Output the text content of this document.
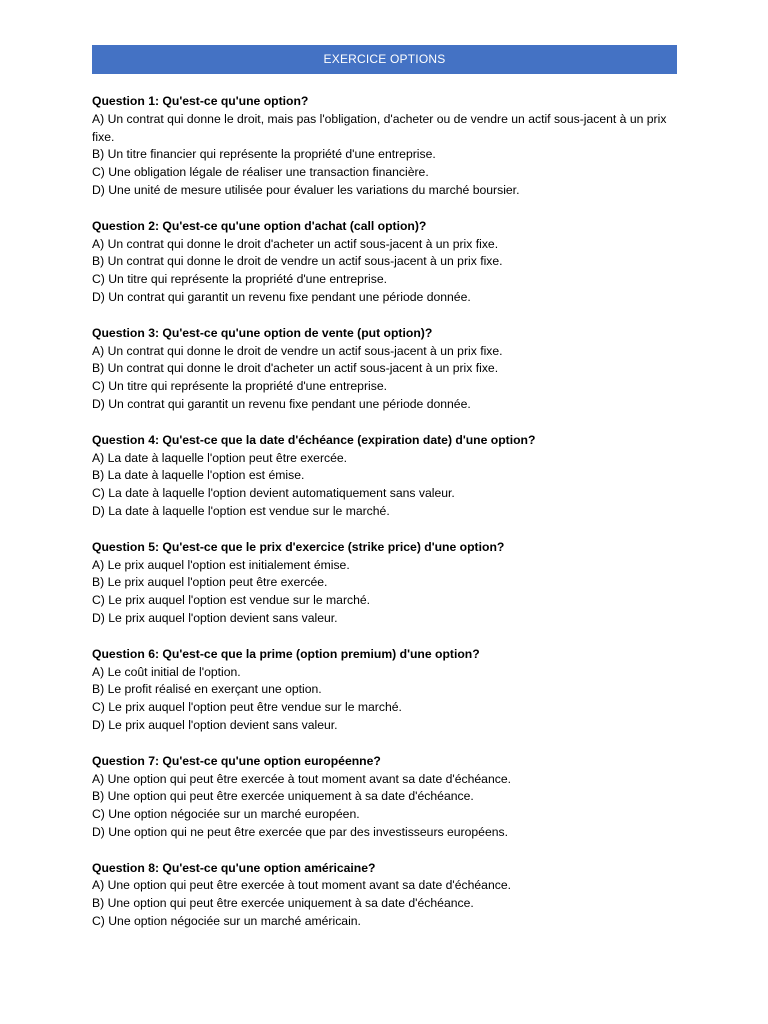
EXERCICE OPTIONS

Question 1: Qu'est-ce qu'une option?

A) Un contrat qui donne le droit, mais pas l'obligation, d'acheter ou de vendre un actif sous-jacent à un prix fixe.

B) Un titre financier qui représente la propriété d'une entreprise.

C) Une obligation légale de réaliser une transaction financière.

D) Une unité de mesure utilisée pour évaluer les variations du marché boursier.

Question 2: Qu'est-ce qu'une option d'achat (call option)?

A) Un contrat qui donne le droit d'acheter un actif sous-jacent à un prix fixe.

B) Un contrat qui donne le droit de vendre un actif sous-jacent à un prix fixe.

C) Un titre qui représente la propriété d'une entreprise.

D) Un contrat qui garantit un revenu fixe pendant une période donnée.

Question 3: Qu'est-ce qu'une option de vente (put option)?

A) Un contrat qui donne le droit de vendre un actif sous-jacent à un prix fixe.

B) Un contrat qui donne le droit d'acheter un actif sous-jacent à un prix fixe.

C) Un titre qui représente la propriété d'une entreprise.

D) Un contrat qui garantit un revenu fixe pendant une période donnée.

Question 4: Qu'est-ce que la date d'échéance (expiration date) d'une option?

A) La date à laquelle l'option peut être exercée.

B) La date à laquelle l'option est émise.

C) La date à laquelle l'option devient automatiquement sans valeur.

D) La date à laquelle l'option est vendue sur le marché.

Question 5: Qu'est-ce que le prix d'exercice (strike price) d'une option?

A) Le prix auquel l'option est initialement émise.

B) Le prix auquel l'option peut être exercée.

C) Le prix auquel l'option est vendue sur le marché.

D) Le prix auquel l'option devient sans valeur.

Question 6: Qu'est-ce que la prime (option premium) d'une option?

A) Le coût initial de l'option.

B) Le profit réalisé en exerçant une option.

C) Le prix auquel l'option peut être vendue sur le marché.

D) Le prix auquel l'option devient sans valeur.

Question 7: Qu'est-ce qu'une option européenne?

A) Une option qui peut être exercée à tout moment avant sa date d'échéance.

B) Une option qui peut être exercée uniquement à sa date d'échéance.

C) Une option négociée sur un marché européen.

D) Une option qui ne peut être exercée que par des investisseurs européens.

Question 8: Qu'est-ce qu'une option américaine?

A) Une option qui peut être exercée à tout moment avant sa date d'échéance.

B) Une option qui peut être exercée uniquement à sa date d'échéance.

C) Une option négociée sur un marché américain.
